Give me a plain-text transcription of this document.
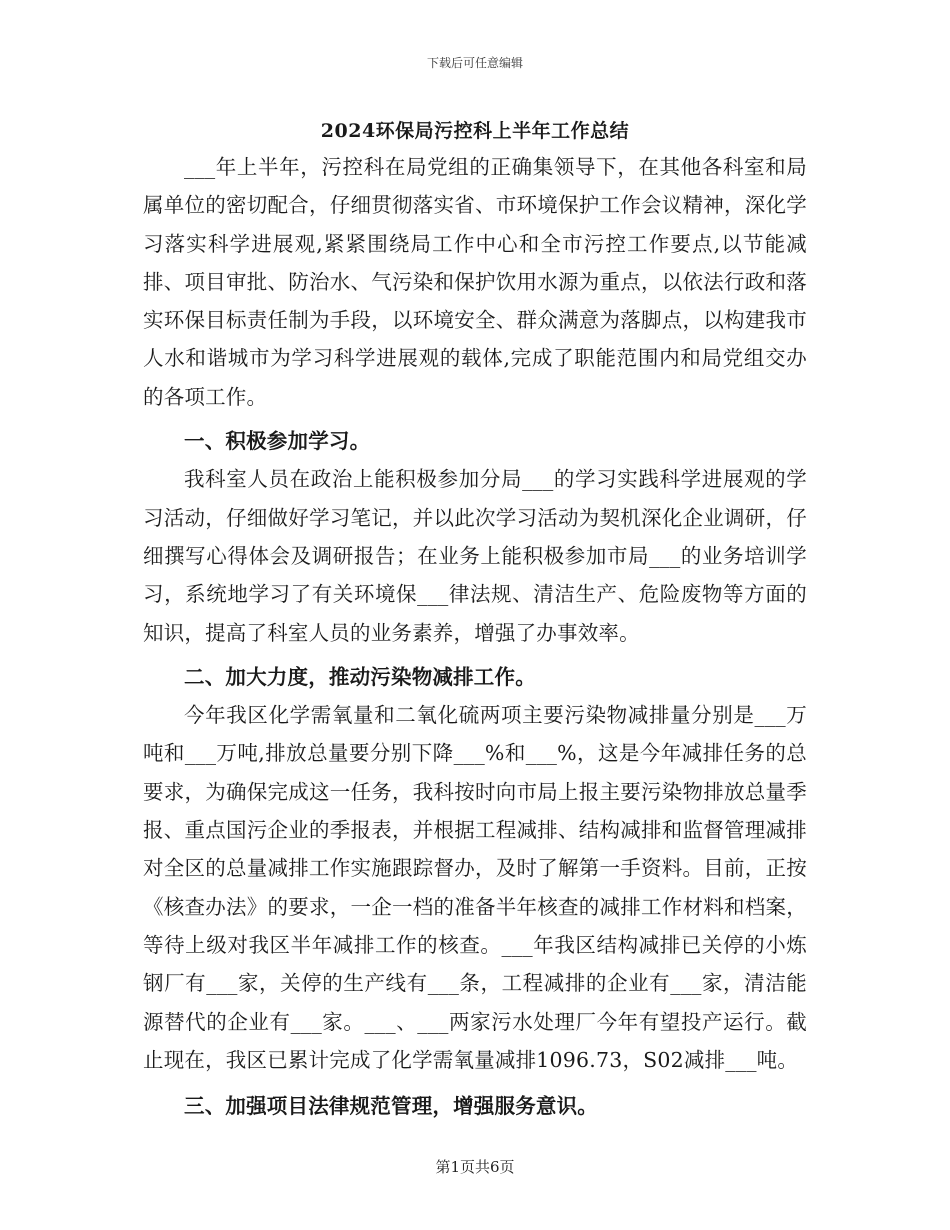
下载后可任意编辑
2024环保局污控科上半年工作总结

___年上半年，污控科在局党组的正确集领导下，在其他各科室和局属单位的密切配合，仔细贯彻落实省、市环境保护工作会议精神，深化学习落实科学进展观,紧紧围绕局工作中心和全市污控工作要点,以节能减排、项目审批、防治水、气污染和保护饮用水源为重点，以依法行政和落实环保目标责任制为手段，以环境安全、群众满意为落脚点，以构建我市人水和谐城市为学习科学进展观的载体,完成了职能范围内和局党组交办的各项工作。

一、积极参加学习。

我科室人员在政治上能积极参加分局___的学习实践科学进展观的学习活动，仔细做好学习笔记，并以此次学习活动为契机深化企业调研，仔细撰写心得体会及调研报告；在业务上能积极参加市局___的业务培训学习，系统地学习了有关环境保___律法规、清洁生产、危险废物等方面的知识，提高了科室人员的业务素养，增强了办事效率。

二、加大力度，推动污染物减排工作。

今年我区化学需氧量和二氧化硫两项主要污染物减排量分别是___万吨和___万吨,排放总量要分别下降___%和___%，这是今年减排任务的总要求，为确保完成这一任务，我科按时向市局上报主要污染物排放总量季报、重点国污企业的季报表，并根据工程减排、结构减排和监督管理减排对全区的总量减排工作实施跟踪督办，及时了解第一手资料。目前，正按《核查办法》的要求，一企一档的准备半年核查的减排工作材料和档案，等待上级对我区半年减排工作的核查。___年我区结构减排已关停的小炼钢厂有___家，关停的生产线有___条，工程减排的企业有___家，清洁能源替代的企业有___家。___、___两家污水处理厂今年有望投产运行。截止现在，我区已累计完成了化学需氧量减排1096.73，S02减排___吨。

三、加强项目法律规范管理，增强服务意识。
第1页共6页
